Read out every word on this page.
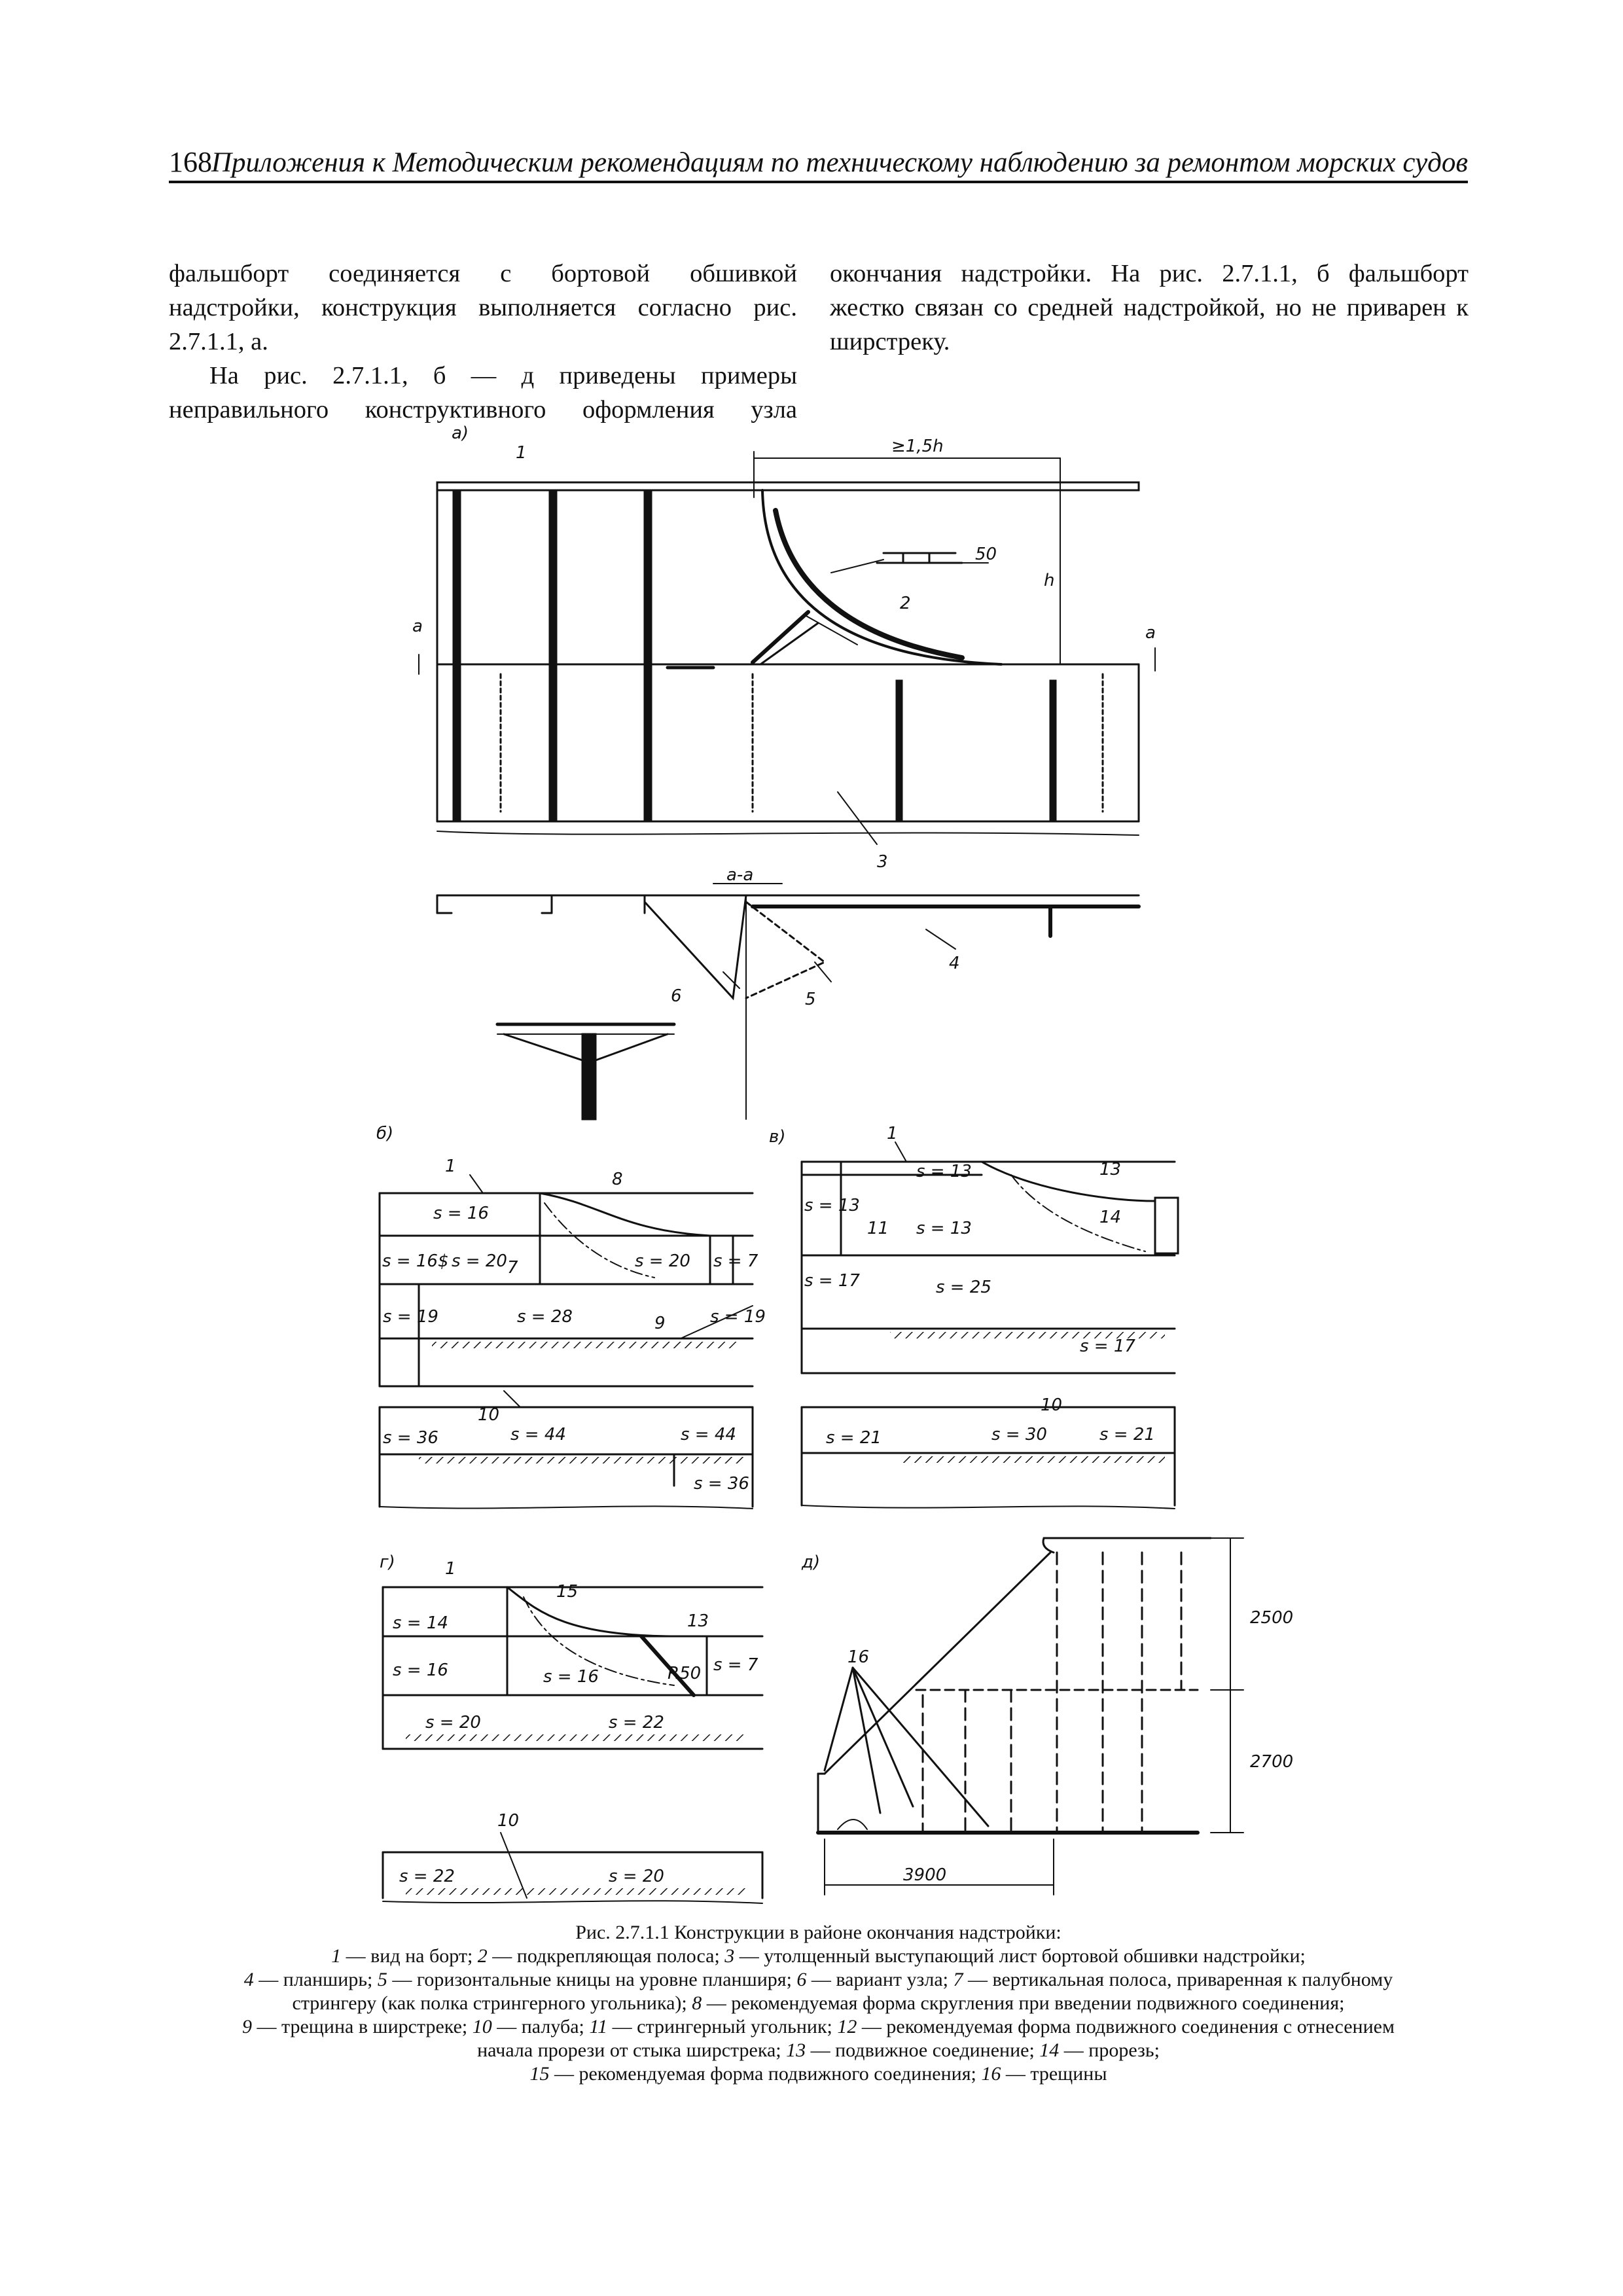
168
Приложения к Методическим рекомендациям по техническому наблюдению за ремонтом морских судов

фальшборт соединяется с бортовой обшивкой надстройки, конструкция выполняется согласно рис. 2.7.1.1, а.

На рис. 2.7.1.1, б — д приведены примеры неправильного конструктивного оформления узла

окончания надстройки. На рис. 2.7.1.1, б фальшборт жестко связан со средней надстройкой, но не приварен к ширстреку.

а)
б)	в)
г)	д)
≥1,5h
h
50
3900
2500
2700
а-а
а	а
1
2
3
4
5
6
1
8
7
9
10
s = 16
s = 16$ s = 20	s = 20 s = 7
s = 19	s = 28	s = 19
s = 36	s = 44	s = 44
s = 36
1
13
14
11
s = 13
s = 13
s = 13
s = 17	s = 25
s = 17
10
s = 21	s = 30	s = 21
1
15
13
R50
s = 14
s = 16	s = 16
s = 7
s = 20	s = 22
10
s = 22	s = 20
16

Рис. 2.7.1.1 Конструкции в районе окончания надстройки:

1 — вид на борт; 2 — подкрепляющая полоса; 3 — утолщенный выступающий лист бортовой обшивки надстройки;

4 — планширь; 5 — горизонтальные кницы на уровне планширя; 6 — вариант узла; 7 — вертикальная полоса, приваренная к палубному

стрингеру (как полка стрингерного угольника); 8 — рекомендуемая форма скругления при введении подвижного соединения;

9 — трещина в ширстреке; 10 — палуба; 11 — стрингерный угольник; 12 — рекомендуемая форма подвижного соединения с отнесением

начала прорези от стыка ширстрека; 13 — подвижное соединение; 14 — прорезь;

15 — рекомендуемая форма подвижного соединения; 16 — трещины
